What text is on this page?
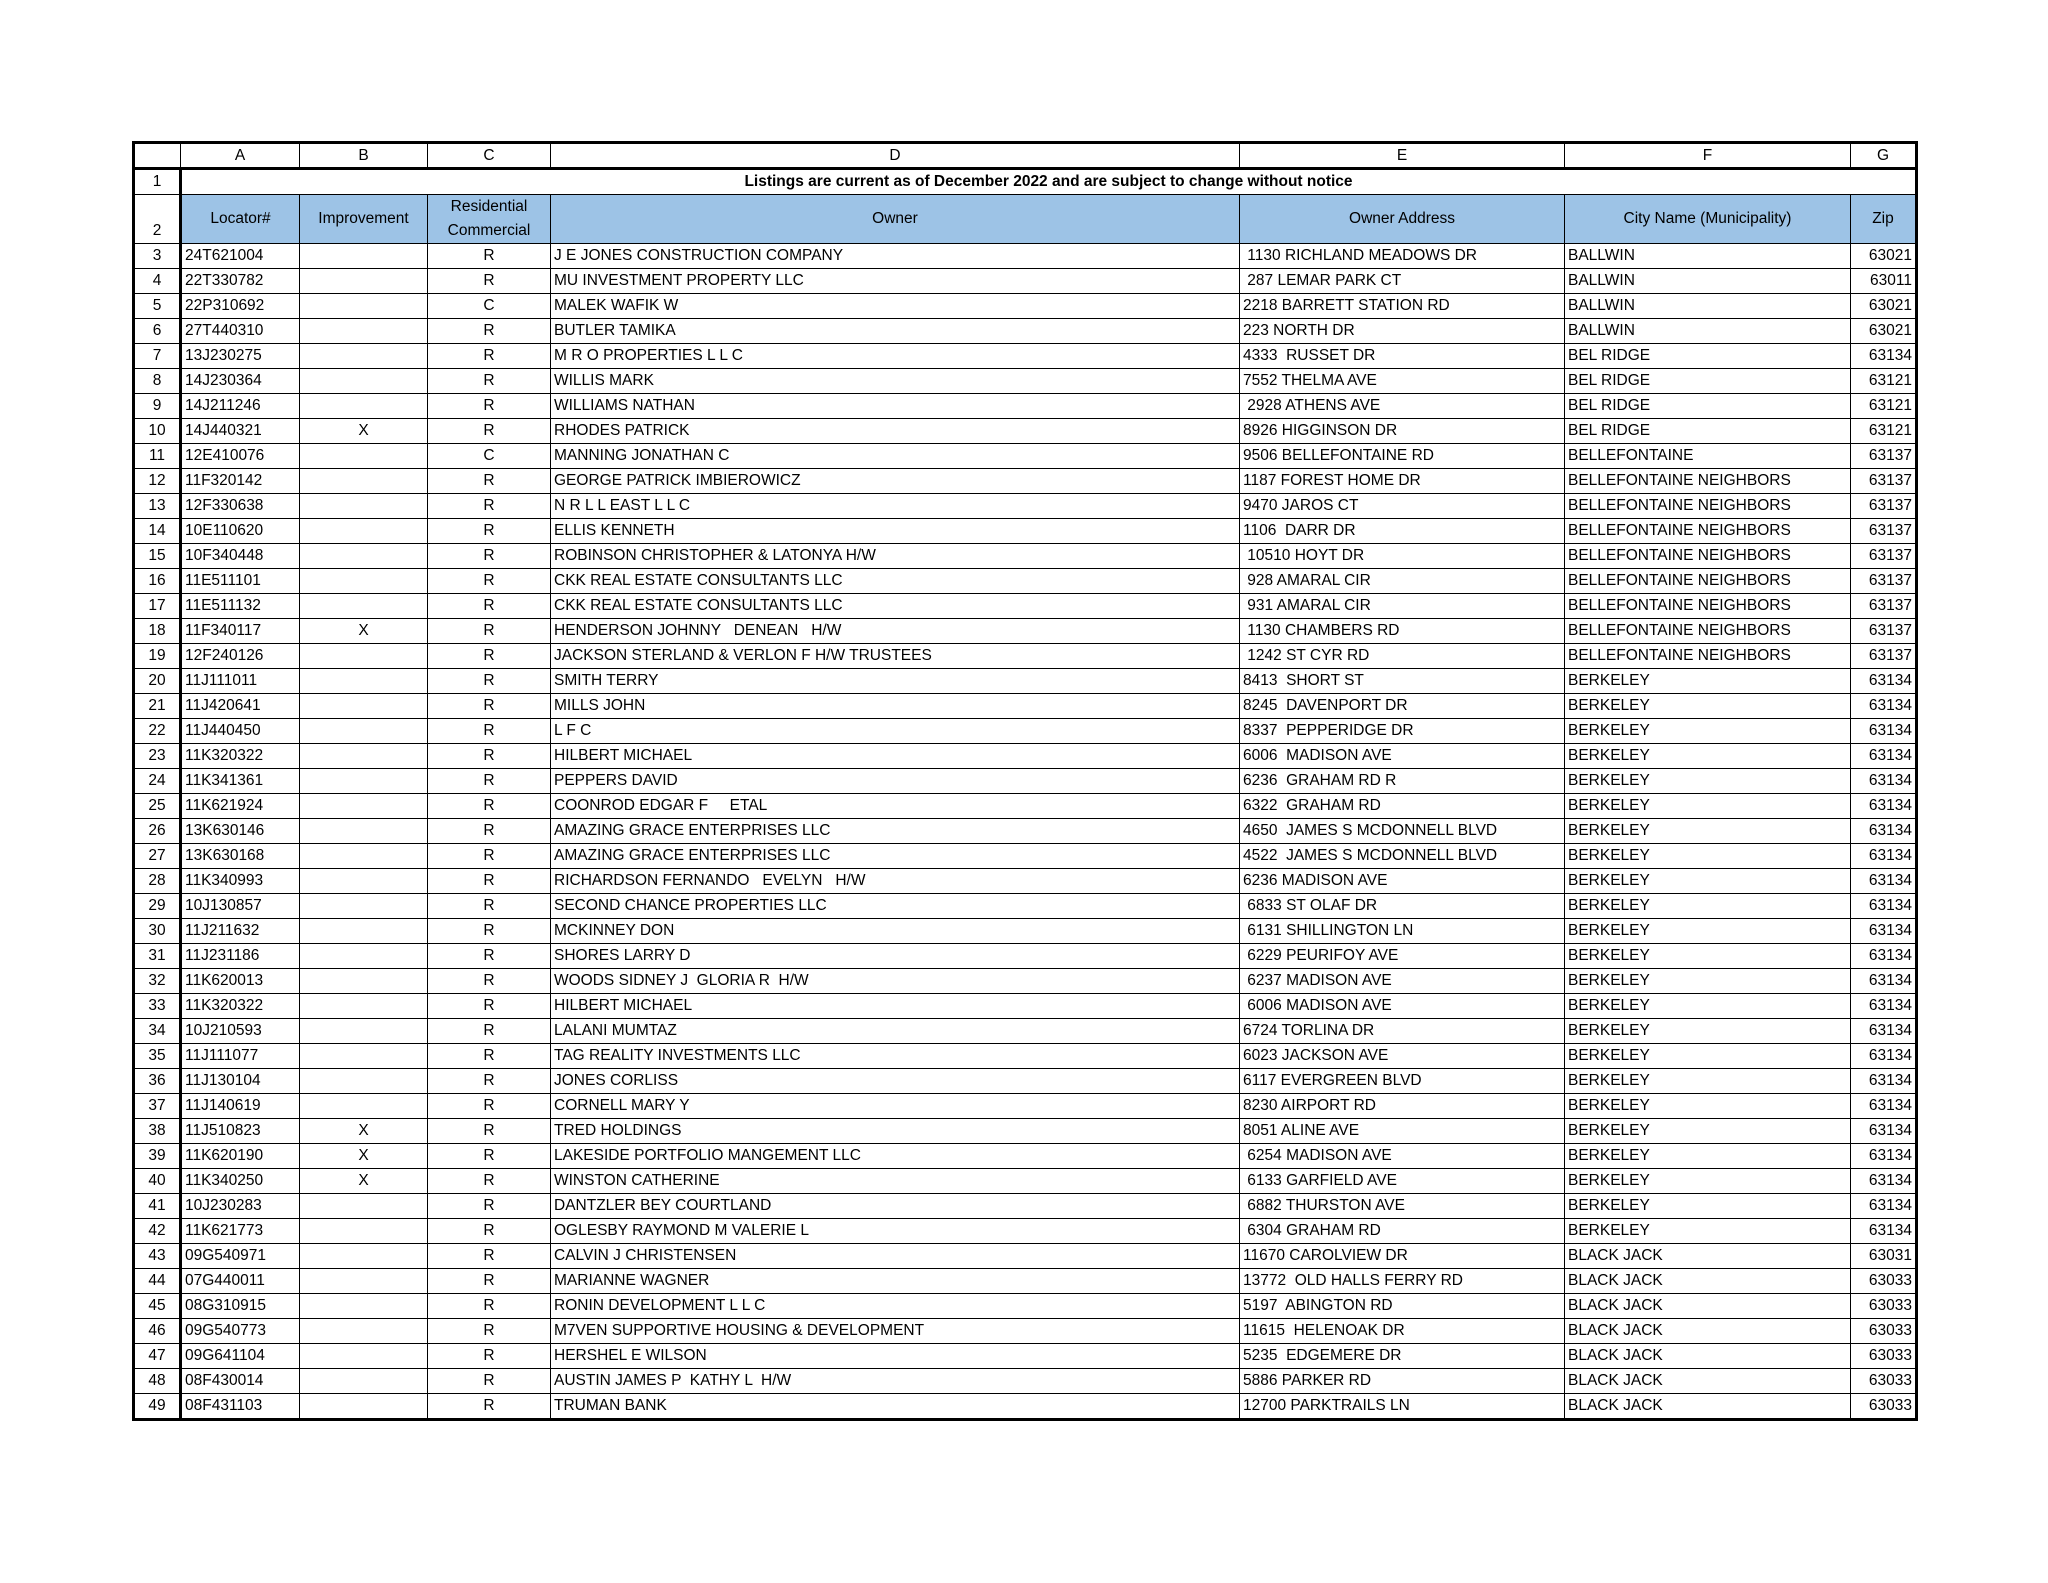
	A	B	C	D	E	F	G
1	Listings are current as of December 2022 and are subject to change without notice						
2	Locator#	Improvement	Residential
Commercial	Owner	Owner Address	City Name (Municipality)	Zip
3	24T621004		R	J E JONES CONSTRUCTION COMPANY	1130 RICHLAND MEADOWS DR	BALLWIN	63021
4	22T330782		R	MU INVESTMENT PROPERTY LLC	287 LEMAR PARK CT	BALLWIN	63011
5	22P310692		C	MALEK WAFIK W	2218 BARRETT STATION RD	BALLWIN	63021
6	27T440310		R	BUTLER TAMIKA	223 NORTH DR	BALLWIN	63021
7	13J230275		R	M R O PROPERTIES L L C	4333  RUSSET DR	BEL RIDGE	63134
8	14J230364		R	WILLIS MARK	7552 THELMA AVE	BEL RIDGE	63121
9	14J211246		R	WILLIAMS NATHAN	2928 ATHENS AVE	BEL RIDGE	63121
10	14J440321	X	R	RHODES PATRICK	8926 HIGGINSON DR	BEL RIDGE	63121
11	12E410076		C	MANNING JONATHAN C	9506 BELLEFONTAINE RD	BELLEFONTAINE	63137
12	11F320142		R	GEORGE PATRICK IMBIEROWICZ	1187 FOREST HOME DR	BELLEFONTAINE NEIGHBORS	63137
13	12F330638		R	N R L L EAST L L C	9470 JAROS CT	BELLEFONTAINE NEIGHBORS	63137
14	10E110620		R	ELLIS KENNETH	1106  DARR DR	BELLEFONTAINE NEIGHBORS	63137
15	10F340448		R	ROBINSON CHRISTOPHER & LATONYA H/W	10510 HOYT DR	BELLEFONTAINE NEIGHBORS	63137
16	11E511101		R	CKK REAL ESTATE CONSULTANTS LLC	928 AMARAL CIR	BELLEFONTAINE NEIGHBORS	63137
17	11E511132		R	CKK REAL ESTATE CONSULTANTS LLC	931 AMARAL CIR	BELLEFONTAINE NEIGHBORS	63137
18	11F340117	X	R	HENDERSON JOHNNY   DENEAN   H/W	1130 CHAMBERS RD	BELLEFONTAINE NEIGHBORS	63137
19	12F240126		R	JACKSON STERLAND & VERLON F H/W TRUSTEES	1242 ST CYR RD	BELLEFONTAINE NEIGHBORS	63137
20	11J111011		R	SMITH TERRY	8413  SHORT ST	BERKELEY	63134
21	11J420641		R	MILLS JOHN	8245  DAVENPORT DR	BERKELEY	63134
22	11J440450		R	L F C	8337  PEPPERIDGE DR	BERKELEY	63134
23	11K320322		R	HILBERT MICHAEL	6006  MADISON AVE	BERKELEY	63134
24	11K341361		R	PEPPERS DAVID	6236  GRAHAM RD R	BERKELEY	63134
25	11K621924		R	COONROD EDGAR F     ETAL	6322  GRAHAM RD	BERKELEY	63134
26	13K630146		R	AMAZING GRACE ENTERPRISES LLC	4650  JAMES S MCDONNELL BLVD	BERKELEY	63134
27	13K630168		R	AMAZING GRACE ENTERPRISES LLC	4522  JAMES S MCDONNELL BLVD	BERKELEY	63134
28	11K340993		R	RICHARDSON FERNANDO   EVELYN   H/W	6236 MADISON AVE	BERKELEY	63134
29	10J130857		R	SECOND CHANCE PROPERTIES LLC	6833 ST OLAF DR	BERKELEY	63134
30	11J211632		R	MCKINNEY DON	6131 SHILLINGTON LN	BERKELEY	63134
31	11J231186		R	SHORES LARRY D	6229 PEURIFOY AVE	BERKELEY	63134
32	11K620013		R	WOODS SIDNEY J  GLORIA R  H/W	6237 MADISON AVE	BERKELEY	63134
33	11K320322		R	HILBERT MICHAEL	6006 MADISON AVE	BERKELEY	63134
34	10J210593		R	LALANI MUMTAZ	6724 TORLINA DR	BERKELEY	63134
35	11J111077		R	TAG REALITY INVESTMENTS LLC	6023 JACKSON AVE	BERKELEY	63134
36	11J130104		R	JONES CORLISS	6117 EVERGREEN BLVD	BERKELEY	63134
37	11J140619		R	CORNELL MARY Y	8230 AIRPORT RD	BERKELEY	63134
38	11J510823	X	R	TRED HOLDINGS	8051 ALINE AVE	BERKELEY	63134
39	11K620190	X	R	LAKESIDE PORTFOLIO MANGEMENT LLC	6254 MADISON AVE	BERKELEY	63134
40	11K340250	X	R	WINSTON CATHERINE	6133 GARFIELD AVE	BERKELEY	63134
41	10J230283		R	DANTZLER BEY COURTLAND	6882 THURSTON AVE	BERKELEY	63134
42	11K621773		R	OGLESBY RAYMOND M VALERIE L	6304 GRAHAM RD	BERKELEY	63134
43	09G540971		R	CALVIN J CHRISTENSEN	11670 CAROLVIEW DR	BLACK JACK	63031
44	07G440011		R	MARIANNE WAGNER	13772  OLD HALLS FERRY RD	BLACK JACK	63033
45	08G310915		R	RONIN DEVELOPMENT L L C	5197  ABINGTON RD	BLACK JACK	63033
46	09G540773		R	M7VEN SUPPORTIVE HOUSING & DEVELOPMENT	11615  HELENOAK DR	BLACK JACK	63033
47	09G641104		R	HERSHEL E WILSON	5235  EDGEMERE DR	BLACK JACK	63033
48	08F430014		R	AUSTIN JAMES P  KATHY L  H/W	5886 PARKER RD	BLACK JACK	63033
49	08F431103		R	TRUMAN BANK	12700 PARKTRAILS LN	BLACK JACK	63033
